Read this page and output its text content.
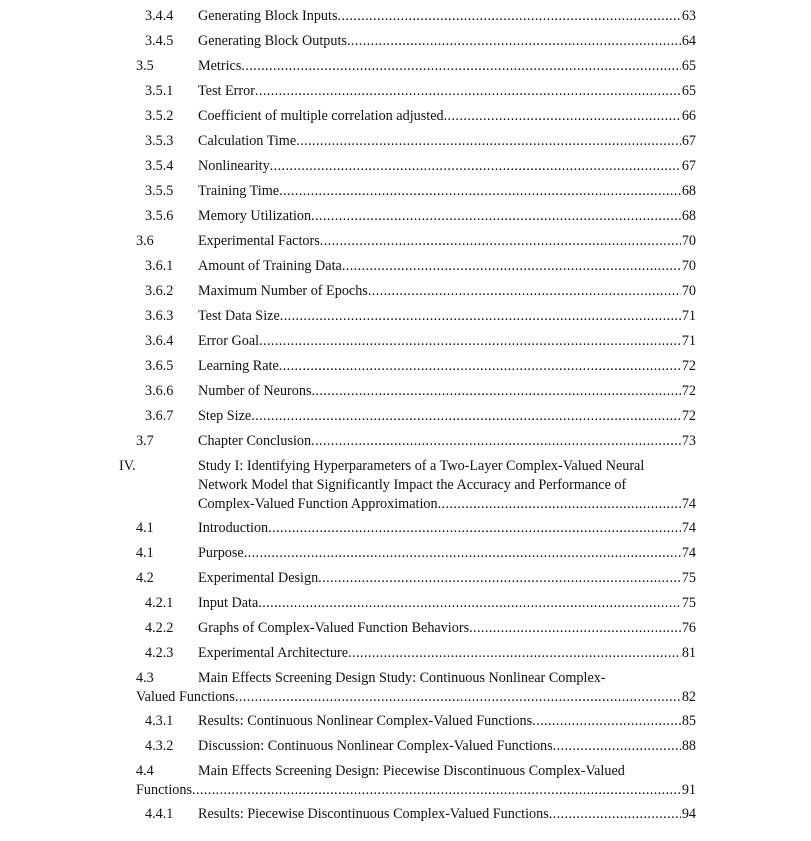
3.4.4 Generating Block Inputs .....	63
3.4.5 Generating Block Outputs .....	64
3.5	Metrics .....	65
3.5.1 Test Error .....	65
3.5.2 Coefficient of multiple correlation adjusted .....	66
3.5.3 Calculation Time .....	67
3.5.4 Nonlinearity .....	67
3.5.5 Training Time .....	68
3.5.6 Memory Utilization .....	68
3.6	Experimental Factors .....	70
3.6.1 Amount of Training Data .....	70
3.6.2 Maximum Number of Epochs .....	70
3.6.3 Test Data Size .....	71
3.6.4 Error Goal .....	71
3.6.5 Learning Rate .....	72
3.6.6 Number of Neurons .....	72
3.6.7 Step Size .....	72
3.7	Chapter Conclusion .....	73
IV.	Study I: Identifying Hyperparameters of a Two-Layer Complex-Valued Neural
Network Model that Significantly Impact the Accuracy and Performance of
Complex-Valued Function Approximation .....	74
4.1	Introduction .....	74
4.1	Purpose .....	74
4.2	Experimental Design .....	75
4.2.1 Input Data .....	75
4.2.2 Graphs of Complex-Valued Function Behaviors .....	76
4.2.3 Experimental Architecture .....	81
4.3	Main Effects Screening Design Study: Continuous Nonlinear Complex-
Valued Functions .....	82
4.3.1 Results: Continuous Nonlinear Complex-Valued Functions .....	85
4.3.2 Discussion: Continuous Nonlinear Complex-Valued Functions .....	88
4.4	Main Effects Screening Design: Piecewise Discontinuous Complex-Valued
Functions .....	91
4.4.1 Results: Piecewise Discontinuous Complex-Valued Functions .....	94
